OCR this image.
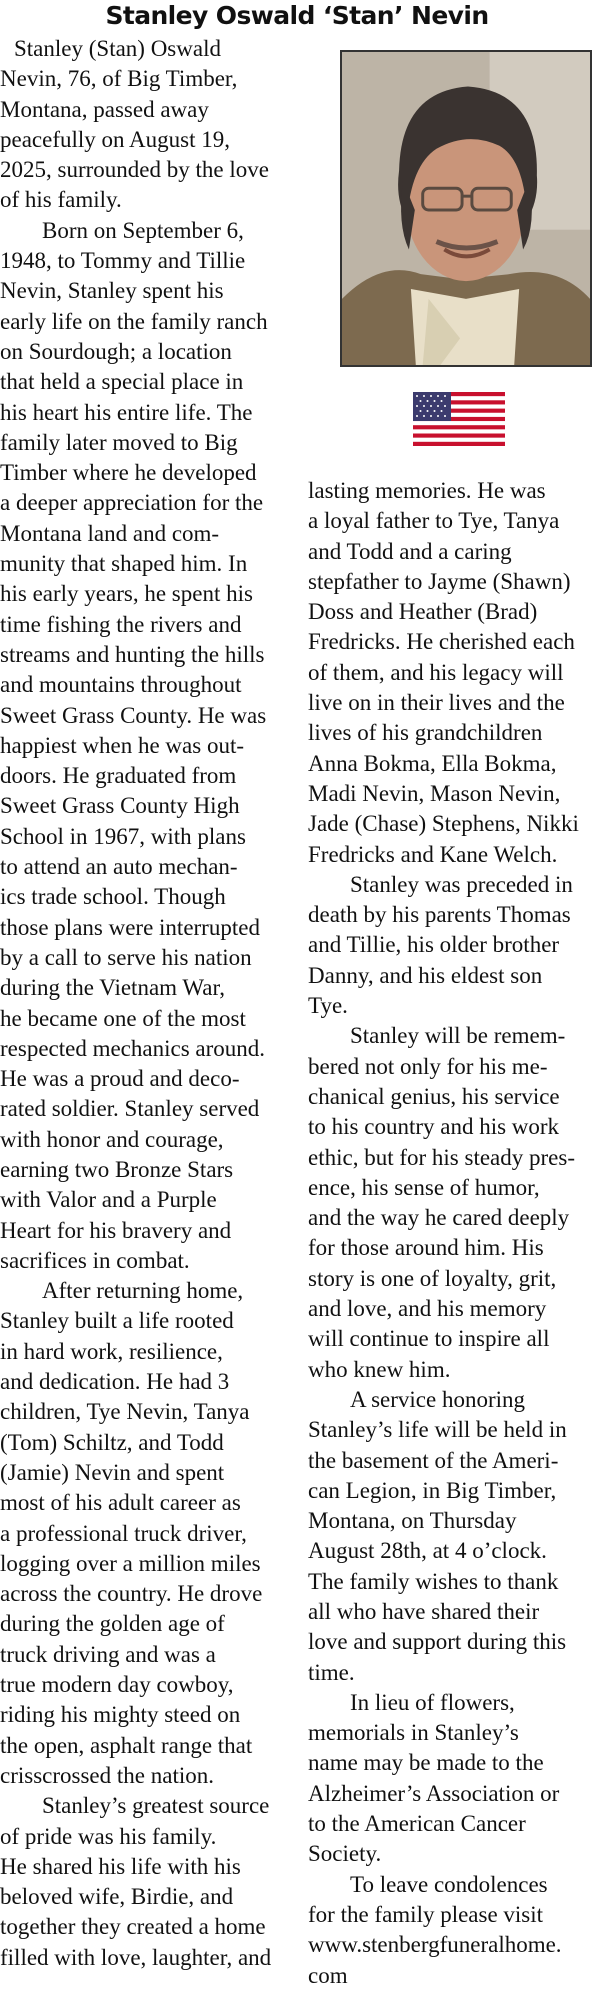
Stanley Oswald ‘Stan’ Nevin

Stanley (Stan) Oswald
Nevin, 76, of Big Timber,
Montana, passed away
peacefully on August 19,
2025, surrounded by the love
of his family.

Born on September 6,
1948, to Tommy and Tillie
Nevin, Stanley spent his
early life on the family ranch
on Sourdough; a location
that held a special place in
his heart his entire life. The
family later moved to Big
Timber where he developed
a deeper appreciation for the
Montana land and com-
munity that shaped him. In
his early years, he spent his
time fishing the rivers and
streams and hunting the hills
and mountains throughout
Sweet Grass County. He was
happiest when he was out-
doors. He graduated from
Sweet Grass County High
School in 1967, with plans
to attend an auto mechan-
ics trade school. Though
those plans were interrupted
by a call to serve his nation
during the Vietnam War,
he became one of the most
respected mechanics around.
He was a proud and deco-
rated soldier. Stanley served
with honor and courage,
earning two Bronze Stars
with Valor and a Purple
Heart for his bravery and
sacrifices in combat.

After returning home,
Stanley built a life rooted
in hard work, resilience,
and dedication. He had 3
children, Tye Nevin, Tanya
(Tom) Schiltz, and Todd
(Jamie) Nevin and spent
most of his adult career as
a professional truck driver,
logging over a million miles
across the country. He drove
during the golden age of
truck driving and was a
true modern day cowboy,
riding his mighty steed on
the open, asphalt range that
crisscrossed the nation.

Stanley’s greatest source
of pride was his family.
He shared his life with his
beloved wife, Birdie, and
together they created a home
filled with love, laughter, and

lasting memories. He was
a loyal father to Tye, Tanya
and Todd and a caring
stepfather to Jayme (Shawn)
Doss and Heather (Brad)
Fredricks. He cherished each
of them, and his legacy will
live on in their lives and the
lives of his grandchildren
Anna Bokma, Ella Bokma,
Madi Nevin, Mason Nevin,
Jade (Chase) Stephens, Nikki
Fredricks and Kane Welch.

Stanley was preceded in
death by his parents Thomas
and Tillie, his older brother
Danny, and his eldest son
Tye.

Stanley will be remem-
bered not only for his me-
chanical genius, his service
to his country and his work
ethic, but for his steady pres-
ence, his sense of humor,
and the way he cared deeply
for those around him. His
story is one of loyalty, grit,
and love, and his memory
will continue to inspire all
who knew him.

A service honoring
Stanley’s life will be held in
the basement of the Ameri-
can Legion, in Big Timber,
Montana, on Thursday
August 28th, at 4 o’clock.
The family wishes to thank
all who have shared their
love and support during this
time.

In lieu of flowers,
memorials in Stanley’s
name may be made to the
Alzheimer’s Association or
to the American Cancer
Society.

To leave condolences
for the family please visit
www.stenbergfuneralhome.
com
